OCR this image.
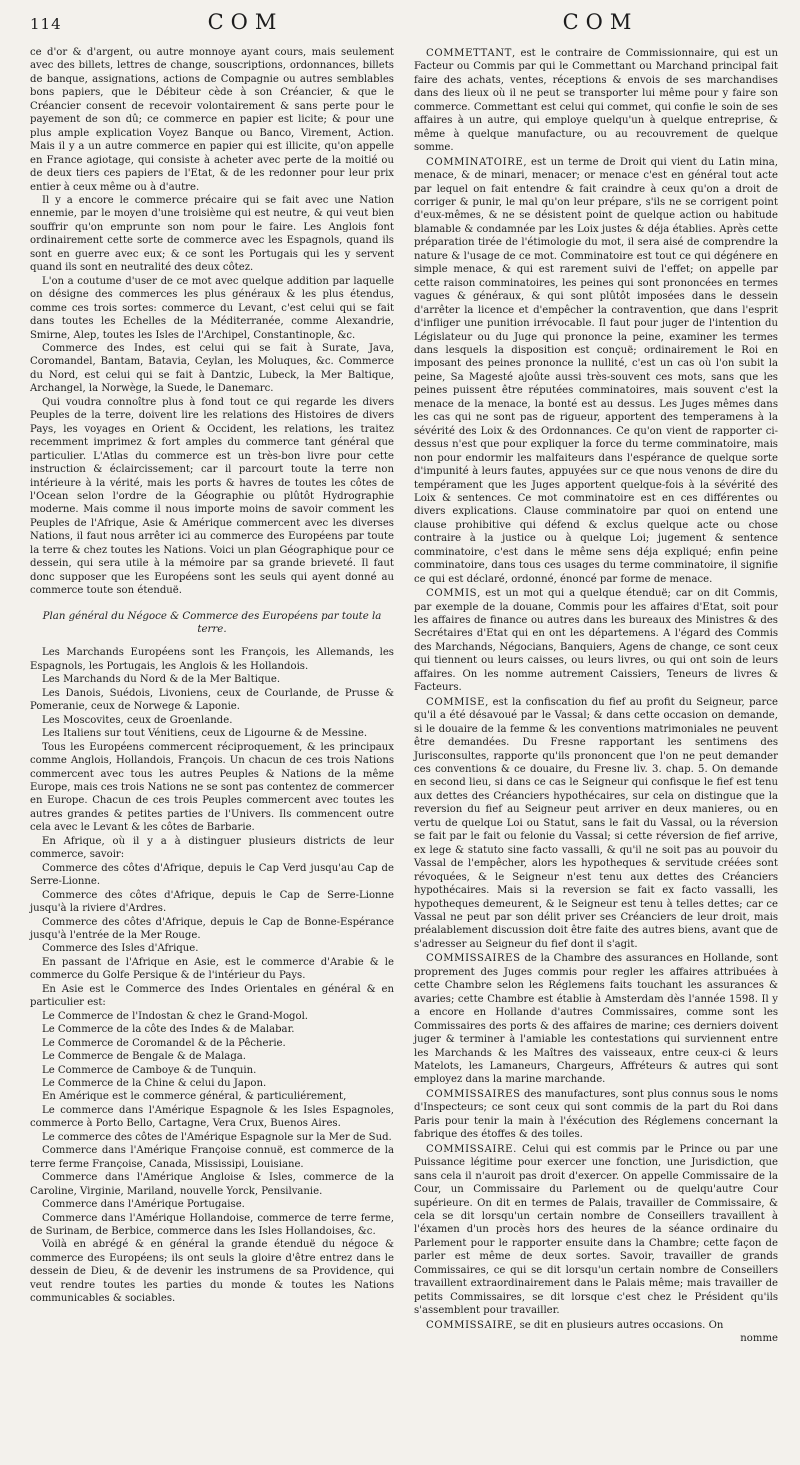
114	COM	COM

ce d'or & d'argent, ou autre monnoye ayant cours, mais seulement avec des billets, lettres de change, souscriptions, ordonnances, billets de banque, assignations, actions de Compagnie ou autres semblables bons papiers, que le Débiteur cède à son Créancier, & que le Créancier consent de recevoir volontairement & sans perte pour le payement de son dû; ce commerce en papier est licite; & pour une plus ample explication Voyez Banque ou Banco, Virement, Action. Mais il y a un autre commerce en papier qui est illicite, qu'on appelle en France agiotage, qui consiste à acheter avec perte de la moitié ou de deux tiers ces papiers de l'Etat, & de les redonner pour leur prix entier à ceux même ou à d'autre.

Il y a encore le commerce précaire qui se fait avec une Nation ennemie, par le moyen d'une troisième qui est neutre, & qui veut bien souffrir qu'on emprunte son nom pour le faire. Les Anglois font ordinairement cette sorte de commerce avec les Espagnols, quand ils sont en guerre avec eux; & ce sont les Portugais qui les y servent quand ils sont en neutralité des deux côtez.

L'on a coutume d'user de ce mot avec quelque addition par laquelle on désigne des commerces les plus généraux & les plus étendus, comme ces trois sortes: commerce du Levant, c'est celui qui se fait dans toutes les Echelles de la Méditerranée, comme Alexandrie, Smirne, Alep, toutes les Isles de l'Archipel, Constantinople, &c.

Commerce des Indes, est celui qui se fait à Surate, Java, Coromandel, Bantam, Batavia, Ceylan, les Moluques, &c. Commerce du Nord, est celui qui se fait à Dantzic, Lubeck, la Mer Baltique, Archangel, la Norwège, la Suede, le Danemarc.

Qui voudra connoître plus à fond tout ce qui regarde les divers Peuples de la terre, doivent lire les relations des Histoires de divers Pays, les voyages en Orient & Occident, les relations, les traitez recemment imprimez & fort amples du commerce tant général que particulier. L'Atlas du commerce est un très-bon livre pour cette instruction & éclaircissement; car il parcourt toute la terre non intérieure à la vérité, mais les ports & havres de toutes les côtes de l'Ocean selon l'ordre de la Géographie ou plûtôt Hydrographie moderne. Mais comme il nous importe moins de savoir comment les Peuples de l'Afrique, Asie & Amérique commercent avec les diverses Nations, il faut nous arrêter ici au commerce des Européens par toute la terre & chez toutes les Nations. Voici un plan Géographique pour ce dessein, qui sera utile à la mémoire par sa grande brieveté. Il faut donc supposer que les Européens sont les seuls qui ayent donné au commerce toute son étenduë.

Plan général du Négoce & Commerce des Européens par toute la terre.

Les Marchands Européens sont les François, les Allemands, les Espagnols, les Portugais, les Anglois & les Hollandois.

Les Marchands du Nord & de la Mer Baltique.

Les Danois, Suédois, Livoniens, ceux de Courlande, de Prusse & Pomeranie, ceux de Norwege & Laponie.

Les Moscovites, ceux de Groenlande.

Les Italiens sur tout Vénitiens, ceux de Ligourne & de Messine.

Tous les Européens commercent réciproquement, & les principaux comme Anglois, Hollandois, François. Un chacun de ces trois Nations commercent avec tous les autres Peuples & Nations de la même Europe, mais ces trois Nations ne se sont pas contentez de commercer en Europe. Chacun de ces trois Peuples commercent avec toutes les autres grandes & petites parties de l'Univers. Ils commencent outre cela avec le Levant & les côtes de Barbarie.

En Afrique, où il y a à distinguer plusieurs districts de leur commerce, savoir:

Commerce des côtes d'Afrique, depuis le Cap Verd jusqu'au Cap de Serre-Lionne.

Commerce des côtes d'Afrique, depuis le Cap de Serre-Lionne jusqu'à la riviere d'Ardres.

Commerce des côtes d'Afrique, depuis le Cap de Bonne-Espérance jusqu'à l'entrée de la Mer Rouge.

Commerce des Isles d'Afrique.

En passant de l'Afrique en Asie, est le commerce d'Arabie & le commerce du Golfe Persique & de l'intérieur du Pays.

En Asie est le Commerce des Indes Orientales en général & en particulier est:

Le Commerce de l'Indostan & chez le Grand-Mogol.

Le Commerce de la côte des Indes & de Malabar.

Le Commerce de Coromandel & de la Pêcherie.

Le Commerce de Bengale & de Malaga.

Le Commerce de Camboye & de Tunquin.

Le Commerce de la Chine & celui du Japon.

En Amérique est le commerce général, & particuliérement,

Le commerce dans l'Amérique Espagnole & les Isles Espagnoles, commerce à Porto Bello, Cartagne, Vera Crux, Buenos Aires.

Le commerce des côtes de l'Amérique Espagnole sur la Mer de Sud.

Commerce dans l'Amérique Françoise connuë, est commerce de la terre ferme Françoise, Canada, Mississipi, Louisiane.

Commerce dans l'Amérique Angloise & Isles, commerce de la Caroline, Virginie, Mariland, nouvelle Yorck, Pensilvanie.

Commerce dans l'Amérique Portugaise.

Commerce dans l'Amérique Hollandoise, commerce de terre ferme, de Surinam, de Berbice, commerce dans les Isles Hollandoises, &c.

Voilà en abrégé & en général la grande étenduë du négoce & commerce des Européens; ils ont seuls la gloire d'être entrez dans le dessein de Dieu, & de devenir les instrumens de sa Providence, qui veut rendre toutes les parties du monde & toutes les Nations communicables & sociables.

COMMETTANT, est le contraire de Commissionnaire, qui est un Facteur ou Commis par qui le Commettant ou Marchand principal fait faire des achats, ventes, réceptions & envois de ses marchandises dans des lieux où il ne peut se transporter lui même pour y faire son commerce. Commettant est celui qui commet, qui confie le soin de ses affaires à un autre, qui employe quelqu'un à quelque entreprise, & même à quelque manufacture, ou au recouvrement de quelque somme.

COMMINATOIRE, est un terme de Droit qui vient du Latin mina, menace, & de minari, menacer; or menace c'est en général tout acte par lequel on fait entendre & fait craindre à ceux qu'on a droit de corriger & punir, le mal qu'on leur prépare, s'ils ne se corrigent point d'eux-mêmes, & ne se désistent point de quelque action ou habitude blamable & condamnée par les Loix justes & déja établies. Après cette préparation tirée de l'étimologie du mot, il sera aisé de comprendre la nature & l'usage de ce mot. Comminatoire est tout ce qui dégénere en simple menace, & qui est rarement suivi de l'effet; on appelle par cette raison comminatoires, les peines qui sont prononcées en termes vagues & généraux, & qui sont plûtôt imposées dans le dessein d'arrêter la licence et d'empêcher la contravention, que dans l'esprit d'infliger une punition irrévocable. Il faut pour juger de l'intention du Législateur ou du Juge qui prononce la peine, examiner les termes dans lesquels la disposition est conçuë; ordinairement le Roi en imposant des peines prononce la nullité, c'est un cas où l'on subit la peine, Sa Magesté ajoûte aussi très-souvent ces mots, sans que les peines puissent être réputées comminatoires, mais souvent c'est la menace de la menace, la bonté est au dessus. Les Juges mêmes dans les cas qui ne sont pas de rigueur, apportent des temperamens à la sévérité des Loix & des Ordonnances. Ce qu'on vient de rapporter ci-dessus n'est que pour expliquer la force du terme comminatoire, mais non pour endormir les malfaiteurs dans l'espérance de quelque sorte d'impunité à leurs fautes, appuyées sur ce que nous venons de dire du tempérament que les Juges apportent quelque-fois à la sévérité des Loix & sentences. Ce mot comminatoire est en ces différentes ou divers explications. Clause comminatoire par quoi on entend une clause prohibitive qui défend & exclus quelque acte ou chose contraire à la justice ou à quelque Loi; jugement & sentence comminatoire, c'est dans le même sens déja expliqué; enfin peine comminatoire, dans tous ces usages du terme comminatoire, il signifie ce qui est déclaré, ordonné, énoncé par forme de menace.

COMMIS, est un mot qui a quelque étenduë; car on dit Commis, par exemple de la douane, Commis pour les affaires d'Etat, soit pour les affaires de finance ou autres dans les bureaux des Ministres & des Secrétaires d'Etat qui en ont les départemens. A l'égard des Commis des Marchands, Négocians, Banquiers, Agens de change, ce sont ceux qui tiennent ou leurs caisses, ou leurs livres, ou qui ont soin de leurs affaires. On les nomme autrement Caissiers, Teneurs de livres & Facteurs.

COMMISE, est la confiscation du fief au profit du Seigneur, parce qu'il a été désavoué par le Vassal; & dans cette occasion on demande, si le douaire de la femme & les conventions matrimoniales ne peuvent être demandées. Du Fresne rapportant les sentimens des Jurisconsultes, rapporte qu'ils prononcent que l'on ne peut demander ces conventions & ce douaire, du Fresne liv. 3. chap. 5. On demande en second lieu, si dans ce cas le Seigneur qui confisque le fief est tenu aux dettes des Créanciers hypothécaires, sur cela on distingue que la reversion du fief au Seigneur peut arriver en deux manieres, ou en vertu de quelque Loi ou Statut, sans le fait du Vassal, ou la réversion se fait par le fait ou felonie du Vassal; si cette réversion de fief arrive, ex lege & statuto sine facto vassalli, & qu'il ne soit pas au pouvoir du Vassal de l'empêcher, alors les hypotheques & servitude créées sont révoquées, & le Seigneur n'est tenu aux dettes des Créanciers hypothécaires. Mais si la reversion se fait ex facto vassalli, les hypotheques demeurent, & le Seigneur est tenu à telles dettes; car ce Vassal ne peut par son délit priver ses Créanciers de leur droit, mais préalablement discussion doit être faite des autres biens, avant que de s'adresser au Seigneur du fief dont il s'agit.

COMMISSAIRES de la Chambre des assurances en Hollande, sont proprement des Juges commis pour regler les affaires attribuées à cette Chambre selon les Réglemens faits touchant les assurances & avaries; cette Chambre est établie à Amsterdam dès l'année 1598. Il y a encore en Hollande d'autres Commissaires, comme sont les Commissaires des ports & des affaires de marine; ces derniers doivent juger & terminer à l'amiable les contestations qui surviennent entre les Marchands & les Maîtres des vaisseaux, entre ceux-ci & leurs Matelots, les Lamaneurs, Chargeurs, Affréteurs & autres qui sont employez dans la marine marchande.

COMMISSAIRES des manufactures, sont plus connus sous le noms d'Inspecteurs; ce sont ceux qui sont commis de la part du Roi dans Paris pour tenir la main à l'éxécution des Réglemens concernant la fabrique des étoffes & des toiles.

COMMISSAIRE. Celui qui est commis par le Prince ou par une Puissance légitime pour exercer une fonction, une Jurisdiction, que sans cela il n'auroit pas droit d'exercer. On appelle Commissaire de la Cour, un Commissaire du Parlement ou de quelqu'autre Cour supérieure. On dit en termes de Palais, travailler de Commissaire, & cela se dit lorsqu'un certain nombre de Conseillers travaillent à l'éxamen d'un procès hors des heures de la séance ordinaire du Parlement pour le rapporter ensuite dans la Chambre; cette façon de parler est même de deux sortes. Savoir, travailler de grands Commissaires, ce qui se dit lorsqu'un certain nombre de Conseillers travaillent extraordinairement dans le Palais même; mais travailler de petits Commissaires, se dit lorsque c'est chez le Président qu'ils s'assemblent pour travailler.

COMMISSAIRE, se dit en plusieurs autres occasions. On

nomme
